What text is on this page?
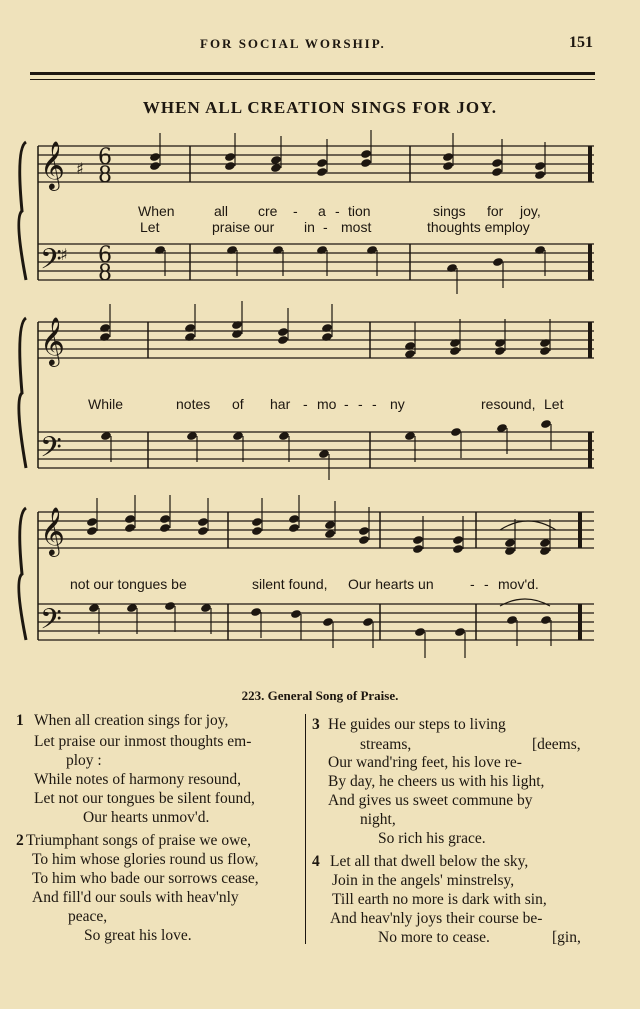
FOR SOCIAL WORSHIP.	151
WHEN ALL CREATION SINGS FOR JOY.
𝄞
𝄢
♯
♯
6
8
6
8
𝄞
𝄢
𝄞
𝄢
When	all cre - a - tion	sings for joy,
Let	praise our in - most	thoughts employ
While	notes of har - mo - - - ny	resound, Let
not our tongues be	silent found, Our hearts un	- - mov'd.
223. General Song of Praise.
1 When all creation sings for joy,
Let praise our inmost thoughts em-
ploy :
While notes of harmony resound,
Let not our tongues be silent found,
Our hearts unmov'd.
2 Triumphant songs of praise we owe,
To him whose glories round us flow,
To him who bade our sorrows cease,
And fill'd our souls with heav'nly
peace,
So great his love.
3 He guides our steps to living
streams,	[deems,
Our wand'ring feet, his love re-
By day, he cheers us with his light,
And gives us sweet commune by
night,
So rich his grace.
4 Let all that dwell below the sky,
Join in the angels' minstrelsy,
Till earth no more is dark with sin,
And heav'nly joys their course be-
No more to cease.	[gin,
